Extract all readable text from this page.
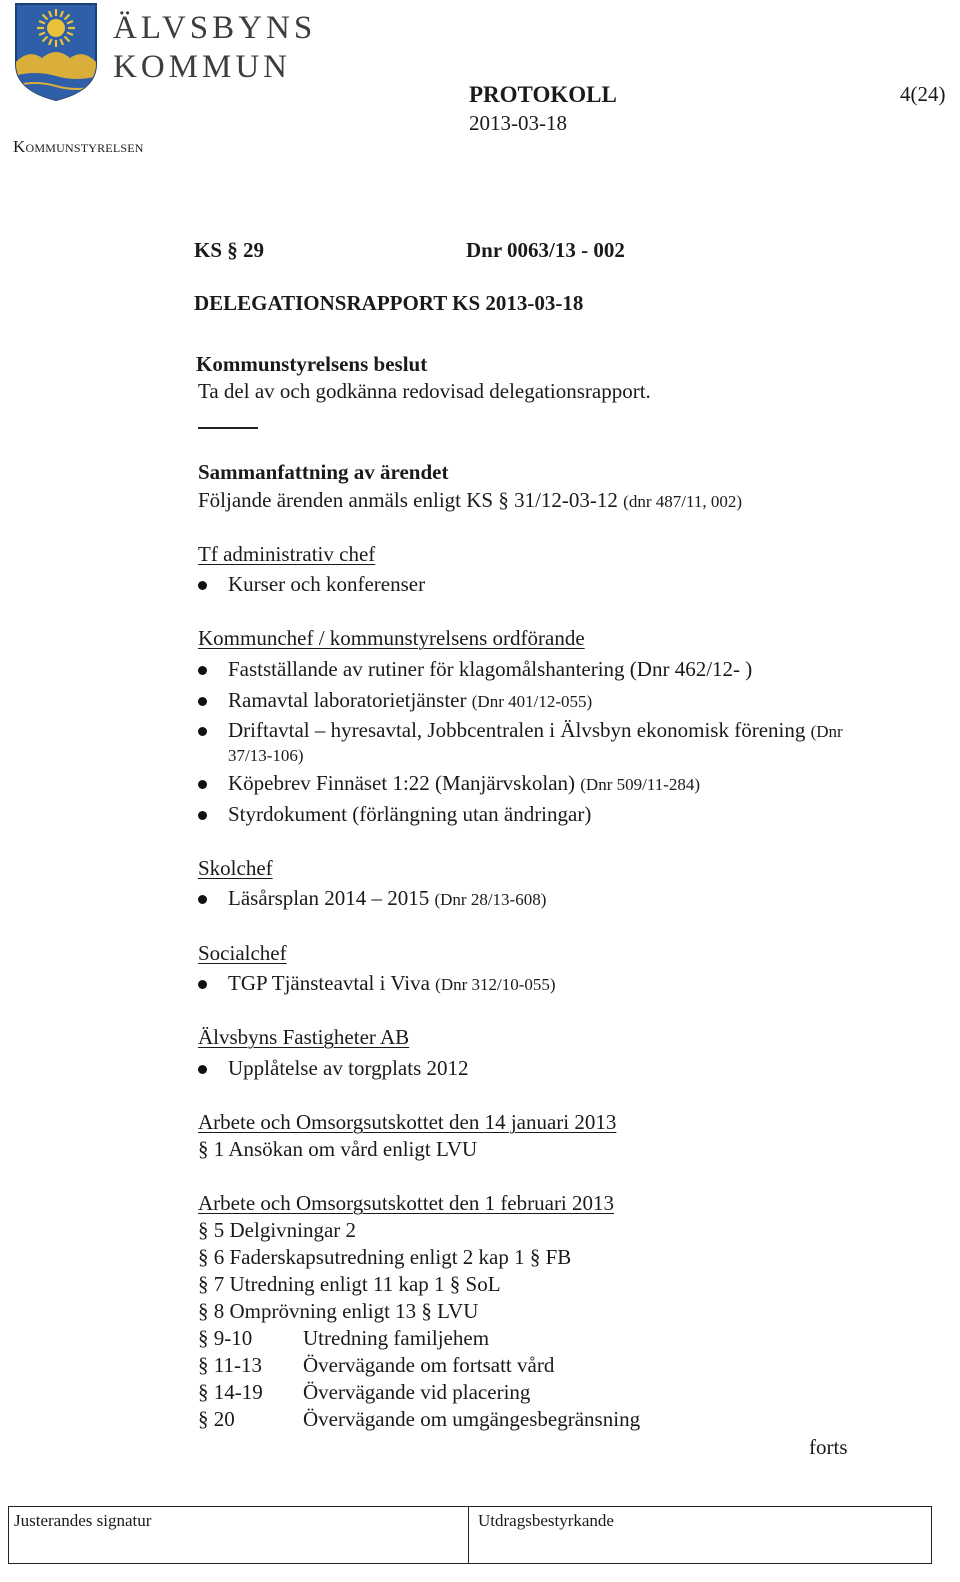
ÄLVSBYNS
KOMMUN
Kommunstyrelsen
PROTOKOLL
2013-03-18
4(24)
KS § 29	Dnr 0063/13 - 002
DELEGATIONSRAPPORT KS 2013-03-18
Kommunstyrelsens beslut
Ta del av och godkänna redovisad delegationsrapport.
Sammanfattning av ärendet
Följande ärenden anmäls enligt KS § 31/12-03-12 (dnr 487/11, 002)
Tf administrativ chef
Kurser och konferenser
Kommunchef / kommunstyrelsens ordförande
Fastställande av rutiner för klagomålshantering (Dnr 462/12- )
Ramavtal laboratorietjänster (Dnr 401/12-055)
Driftavtal – hyresavtal, Jobbcentralen i Älvsbyn ekonomisk förening (Dnr
37/13-106)
Köpebrev Finnäset 1:22 (Manjärvskolan) (Dnr 509/11-284)
Styrdokument (förlängning utan ändringar)
Skolchef
Läsårsplan 2014 – 2015 (Dnr 28/13-608)
Socialchef
TGP Tjänsteavtal i Viva (Dnr 312/10-055)
Älvsbyns Fastigheter AB
Upplåtelse av torgplats 2012
Arbete och Omsorgsutskottet den 14 januari 2013
§ 1 Ansökan om vård enligt LVU
Arbete och Omsorgsutskottet den 1 februari 2013
§ 5 Delgivningar 2
§ 6 Faderskapsutredning enligt 2 kap 1 § FB
§ 7 Utredning enligt 11 kap 1 § SoL
§ 8 Omprövning enligt 13 § LVU
§ 9-10 Utredning familjehem
§ 11-13 Övervägande om fortsatt vård
§ 14-19 Övervägande vid placering
§ 20	Övervägande om umgängesbegränsning
forts
Justerandes signatur	Utdragsbestyrkande
